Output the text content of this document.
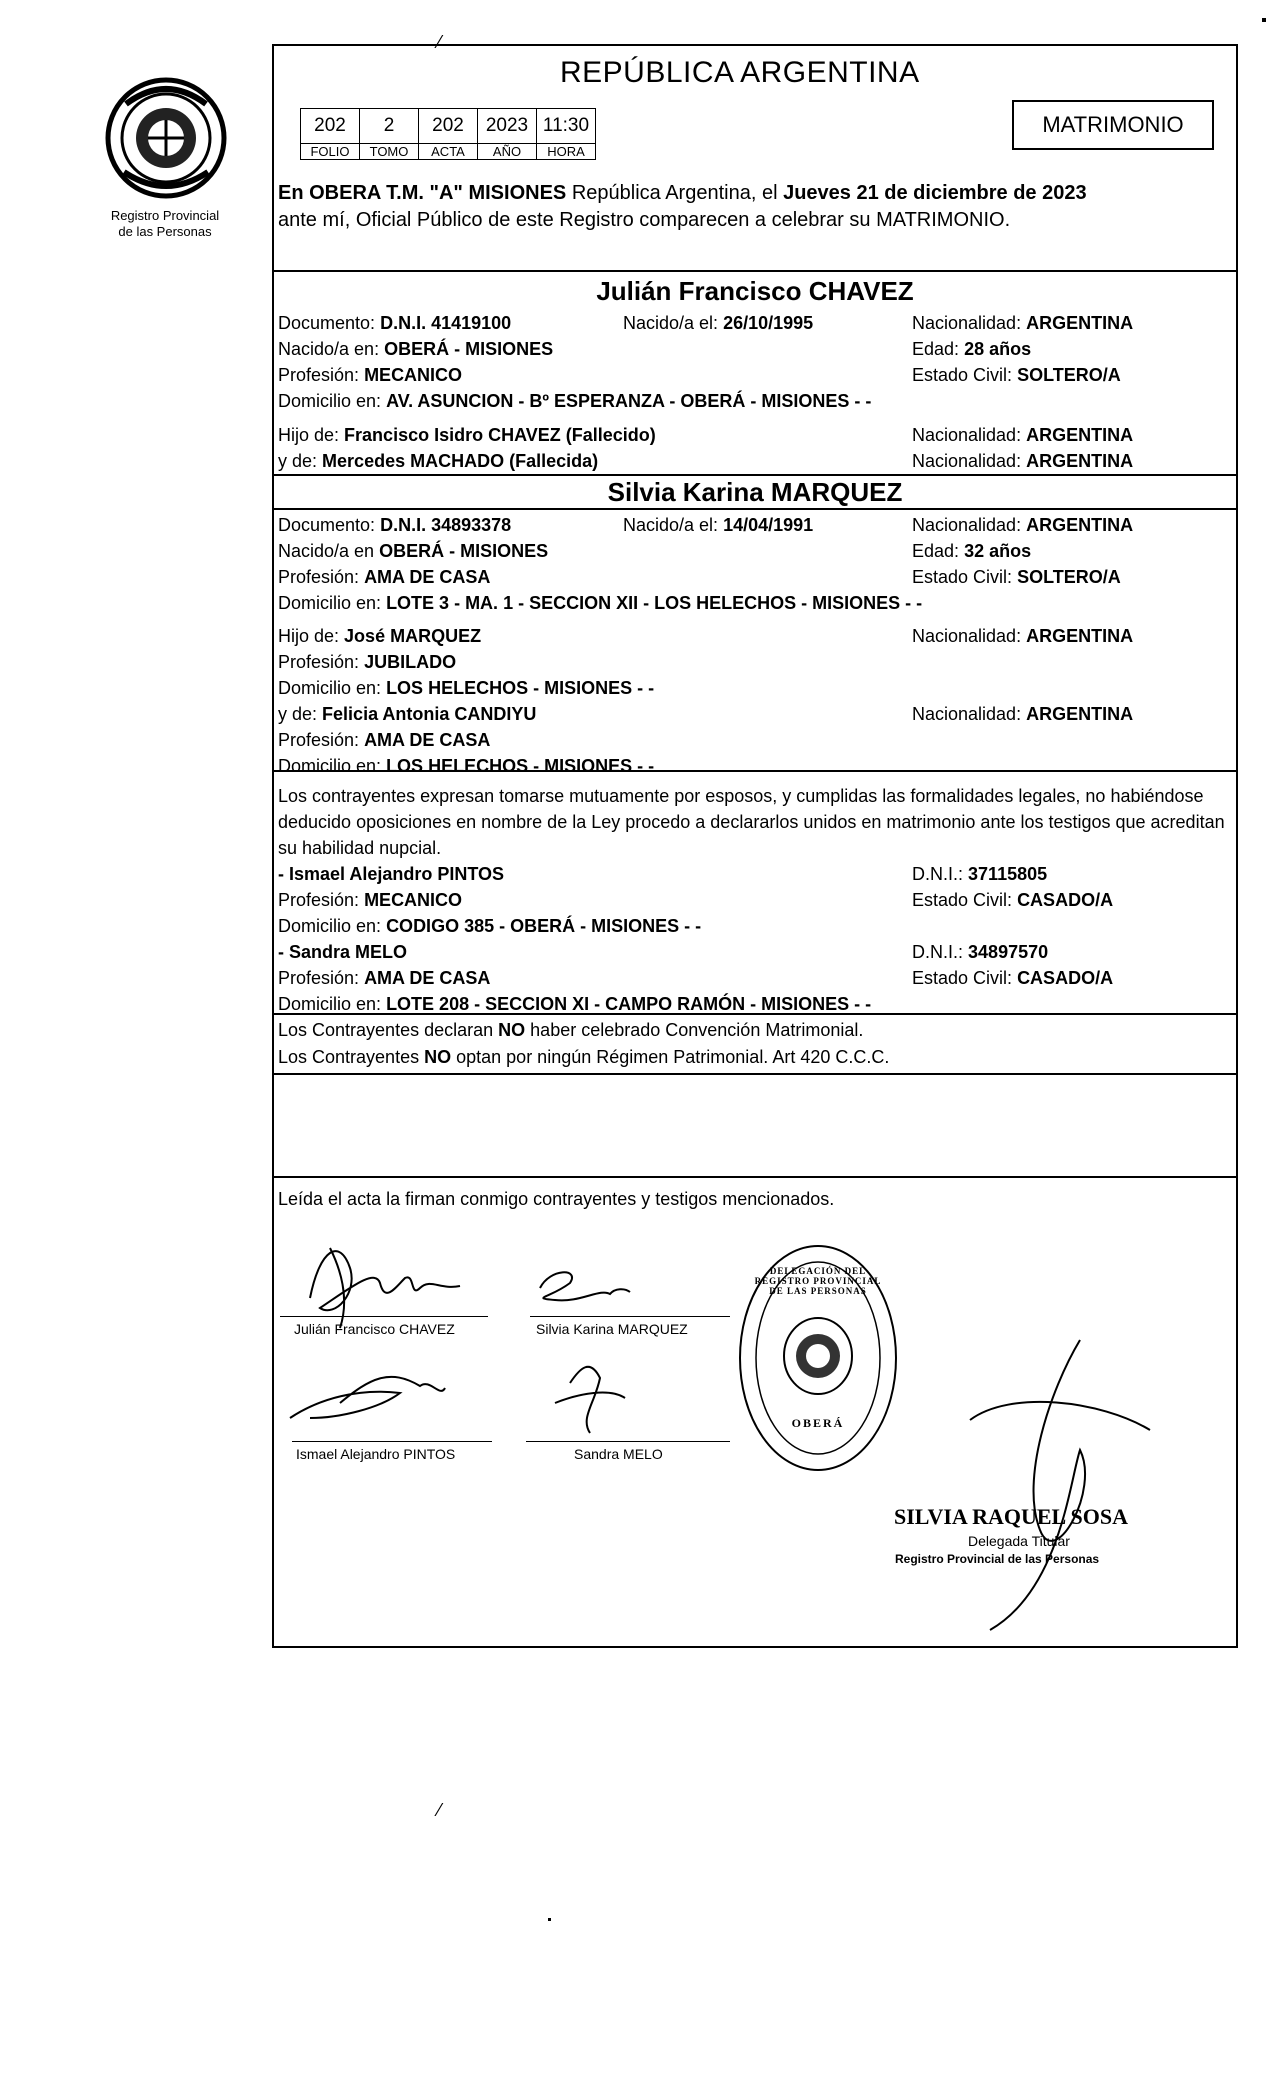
Registro Provincial
de las Personas
⁄
REPÚBLICA ARGENTINA
202	2	202	2023	11:30
FOLIO	TOMO	ACTA	AÑO	HORA
MATRIMONIO
En OBERA T.M. "A" MISIONES República Argentina, el Jueves 21 de diciembre de 2023
ante mí, Oficial Público de este Registro comparecen a celebrar su MATRIMONIO.
Julián Francisco CHAVEZ
Documento: D.N.I. 41419100	Nacido/a el: 26/10/1995	Nacionalidad: ARGENTINA
Nacido/a en: OBERÁ - MISIONES	Edad: 28 años
Profesión: MECANICO	Estado Civil: SOLTERO/A
Domicilio en: AV. ASUNCION - Bº ESPERANZA - OBERÁ - MISIONES - -
Hijo de: Francisco Isidro CHAVEZ (Fallecido)	Nacionalidad: ARGENTINA
y de: Mercedes MACHADO (Fallecida)	Nacionalidad: ARGENTINA
Silvia Karina MARQUEZ
Documento: D.N.I. 34893378	Nacido/a el: 14/04/1991	Nacionalidad: ARGENTINA
Nacido/a en OBERÁ - MISIONES	Edad: 32 años
Profesión: AMA DE CASA	Estado Civil: SOLTERO/A
Domicilio en: LOTE 3 - MA. 1 - SECCION XII - LOS HELECHOS - MISIONES - -
Hijo de: José MARQUEZ	Nacionalidad: ARGENTINA
Profesión: JUBILADO
Domicilio en: LOS HELECHOS - MISIONES - -
y de: Felicia Antonia CANDIYU	Nacionalidad: ARGENTINA
Profesión: AMA DE CASA
Domicilio en: LOS HELECHOS - MISIONES - -
Los contrayentes expresan tomarse mutuamente por esposos, y cumplidas las formalidades legales, no habiéndose deducido oposiciones en nombre de la Ley procedo a declararlos unidos en matrimonio ante los testigos que acreditan su habilidad nupcial.
- Ismael Alejandro PINTOS	D.N.I.: 37115805
Profesión: MECANICO	Estado Civil: CASADO/A
Domicilio en: CODIGO 385 - OBERÁ - MISIONES - -
- Sandra MELO	D.N.I.: 34897570
Profesión: AMA DE CASA	Estado Civil: CASADO/A
Domicilio en: LOTE 208 - SECCION XI - CAMPO RAMÓN - MISIONES - -
Los Contrayentes declaran NO haber celebrado Convención Matrimonial.
Los Contrayentes NO optan por ningún Régimen Patrimonial. Art 420 C.C.C.
Leída el acta la firman conmigo contrayentes y testigos mencionados.
Julián Francisco CHAVEZ	Silvia Karina MARQUEZ
Ismael Alejandro PINTOS	Sandra MELO
DELEGACIÓN DEL REGISTRO PROVINCIAL DE LAS PERSONAS
OBERÁ
SILVIA RAQUEL SOSA
Delegada Titular
Registro Provincial de las Personas
⁄
